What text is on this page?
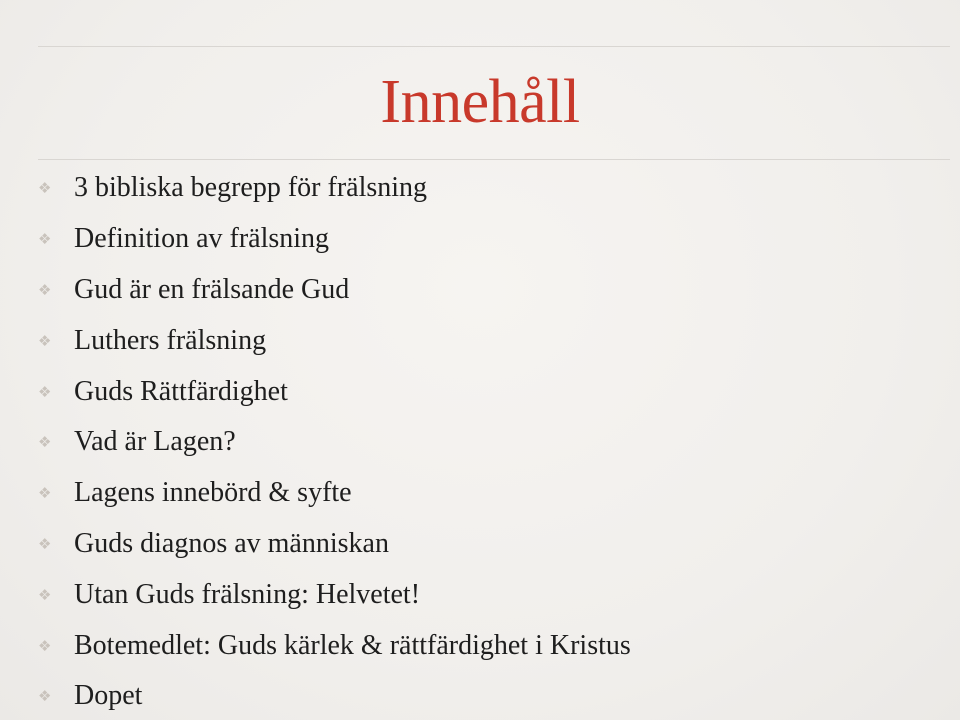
Innehåll
❖ 3 bibliska begrepp för frälsning
❖ Definition av frälsning
❖ Gud är en frälsande Gud
❖ Luthers frälsning
❖ Guds Rättfärdighet
❖ Vad är Lagen?
❖ Lagens innebörd & syfte
❖ Guds diagnos av människan
❖ Utan Guds frälsning: Helvetet!
❖ Botemedlet: Guds kärlek & rättfärdighet i Kristus
❖ Dopet
